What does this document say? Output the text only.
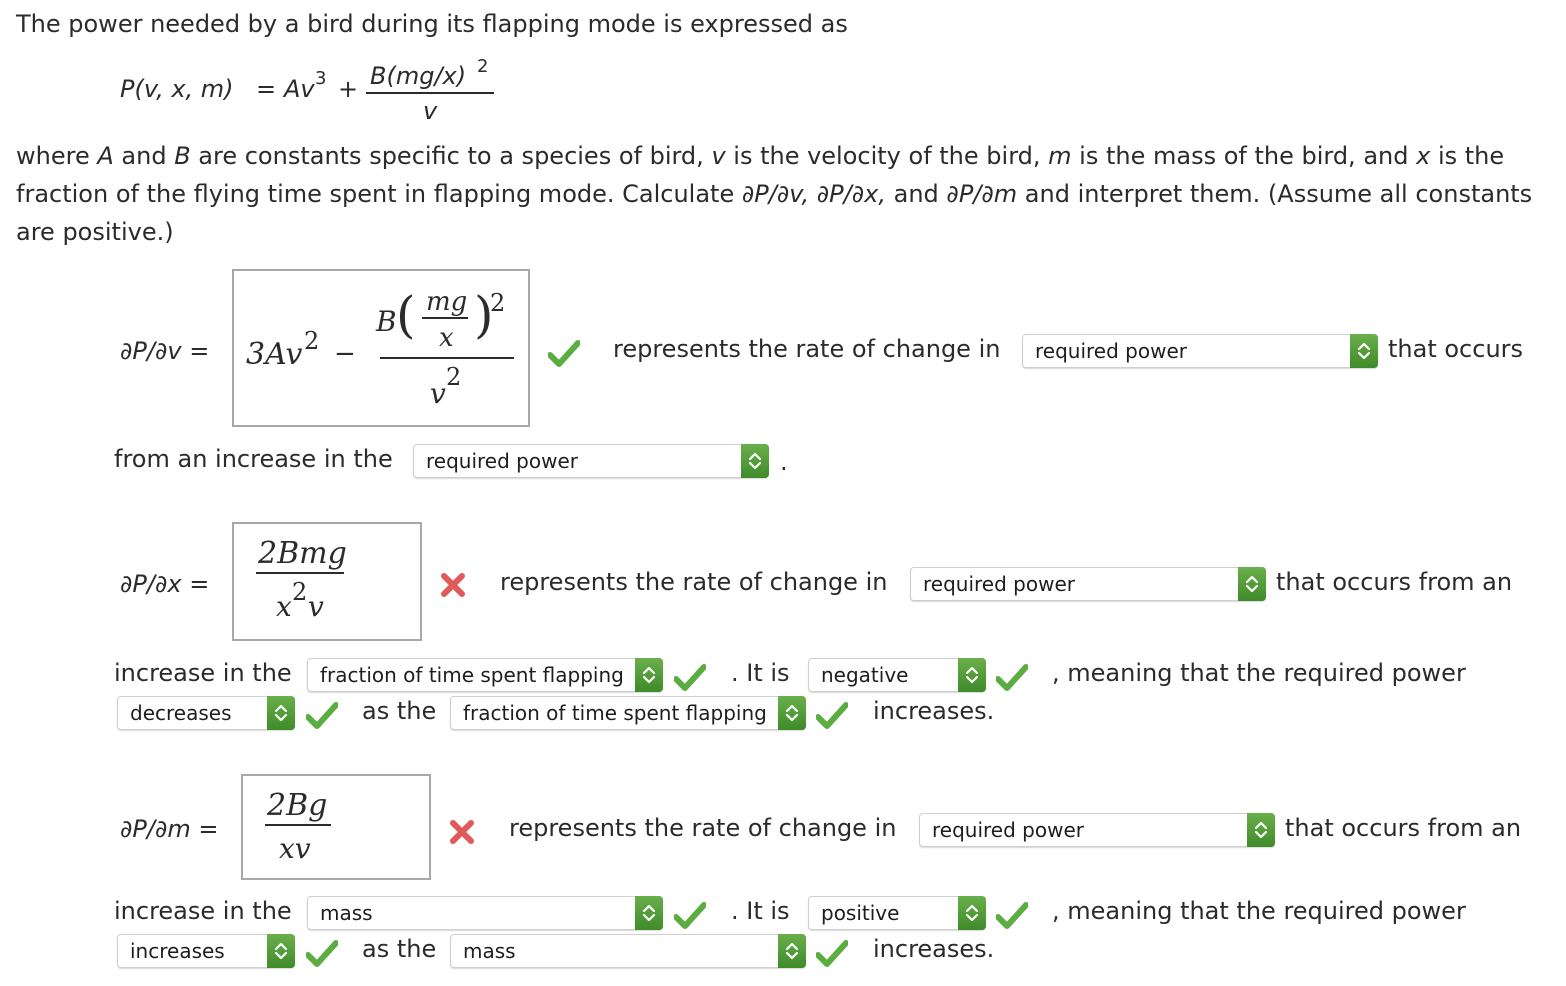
The power needed by a bird during its flapping mode is expressed as
P(v, x, m) = Av 3 + B(mg/x) 2
v
where A and B are constants specific to a species of bird, v is the velocity of the bird, m is the mass of the bird, and x is the fraction of the flying time spent in flapping mode. Calculate ∂P/∂v, ∂P/∂x, and ∂P/∂m and interpret them. (Assume all constants are positive.)
∂P/∂v = 3Av 2 −
B ( mg
x )
2
v 2
represents the rate of change in required power	that occurs
from an increase in the required power	.
∂P/∂x =
2Bmg
x 2 v
represents the rate of change in required power	that occurs from an
increase in the fraction of time spent flapping	. It is negative	, meaning that the required power
decreases	as the fraction of time spent flapping	increases.
∂P/∂m =
2Bg
xv
represents the rate of change in required power	that occurs from an
increase in the mass	. It is positive	, meaning that the required power
increases	as the mass	increases.
